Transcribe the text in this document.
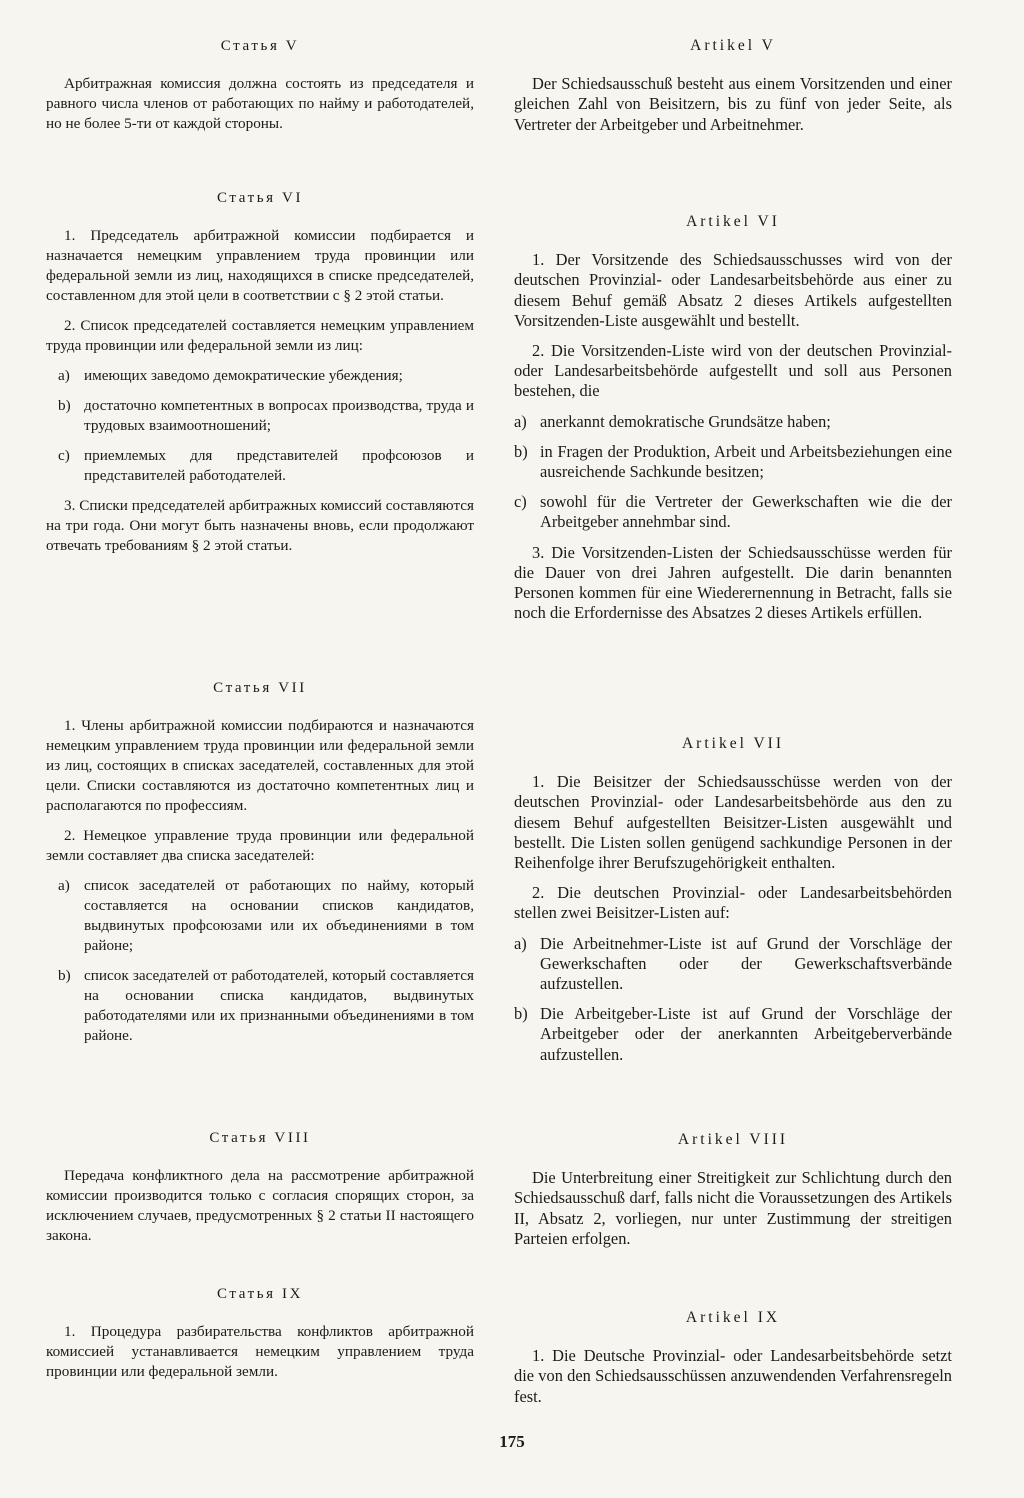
Статья V

Арбитражная комиссия должна состоять из председателя и равного числа членов от работающих по найму и работодателей, но не более 5-ти от каждой стороны.

Статья VI

1. Председатель арбитражной комиссии подбирается и назначается немецким управлением труда провинции или федеральной земли из лиц, находящихся в списке председателей, составленном для этой цели в соответствии с § 2 этой статьи.

2. Список председателей составляется немецким управлением труда провинции или федеральной земли из лиц:

a) имеющих заведомо демократические убеждения;
b) достаточно компетентных в вопросах производства, труда и трудовых взаимоотношений;
c) приемлемых для представителей профсоюзов и представителей работодателей.

3. Списки председателей арбитражных комиссий составляются на три года. Они могут быть назначены вновь, если продолжают отвечать требованиям § 2 этой статьи.

Статья VII

1. Члены арбитражной комиссии подбираются и назначаются немецким управлением труда провинции или федеральной земли из лиц, состоящих в списках заседателей, составленных для этой цели. Списки составляются из достаточно компетентных лиц и располагаются по профессиям.

2. Немецкое управление труда провинции или федеральной земли составляет два списка заседателей:

a) список заседателей от работающих по найму, который составляется на основании списков кандидатов, выдвинутых профсоюзами или их объединениями в том районе;
b) список заседателей от работодателей, который составляется на основании списка кандидатов, выдвинутых работодателями или их признанными объединениями в том районе.
Статья VIII

Передача конфликтного дела на рассмотрение арбитражной комиссии производится только с согласия спорящих сторон, за исключением случаев, предусмотренных § 2 статьи II настоящего закона.

Статья IX

1. Процедура разбирательства конфликтов арбитражной комиссией устанавливается немецким управлением труда провинции или федеральной земли.

Artikel V

Der Schiedsausschuß besteht aus einem Vorsitzenden und einer gleichen Zahl von Beisitzern, bis zu fünf von jeder Seite, als Vertreter der Arbeitgeber und Arbeitnehmer.

Artikel VI

1. Der Vorsitzende des Schiedsausschusses wird von der deutschen Provinzial- oder Landesarbeitsbehörde aus einer zu diesem Behuf gemäß Absatz 2 dieses Artikels aufgestellten Vorsitzenden-Liste ausgewählt und bestellt.

2. Die Vorsitzenden-Liste wird von der deutschen Provinzial- oder Landesarbeitsbehörde aufgestellt und soll aus Personen bestehen, die

a) anerkannt demokratische Grundsätze haben;
b) in Fragen der Produktion, Arbeit und Arbeitsbeziehungen eine ausreichende Sachkunde besitzen;
c) sowohl für die Vertreter der Gewerkschaften wie die der Arbeitgeber annehmbar sind.

3. Die Vorsitzenden-Listen der Schiedsausschüsse werden für die Dauer von drei Jahren aufgestellt. Die darin benannten Personen kommen für eine Wiederernennung in Betracht, falls sie noch die Erfordernisse des Absatzes 2 dieses Artikels erfüllen.

Artikel VII

1. Die Beisitzer der Schiedsausschüsse werden von der deutschen Provinzial- oder Landesarbeitsbehörde aus den zu diesem Behuf aufgestellten Beisitzer-Listen ausgewählt und bestellt. Die Listen sollen genügend sachkundige Personen in der Reihenfolge ihrer Berufszugehörigkeit enthalten.

2. Die deutschen Provinzial- oder Landesarbeitsbehörden stellen zwei Beisitzer-Listen auf:

a) Die Arbeitnehmer-Liste ist auf Grund der Vorschläge der Gewerkschaften oder der Gewerkschaftsverbände aufzustellen.
b) Die Arbeitgeber-Liste ist auf Grund der Vorschläge der Arbeitgeber oder der anerkannten Arbeitgeberverbände aufzustellen.
Artikel VIII

Die Unterbreitung einer Streitigkeit zur Schlichtung durch den Schiedsausschuß darf, falls nicht die Voraussetzungen des Artikels II, Absatz 2, vorliegen, nur unter Zustimmung der streitigen Parteien erfolgen.

Artikel IX

1. Die Deutsche Provinzial- oder Landesarbeitsbehörde setzt die von den Schiedsausschüssen anzuwendenden Verfahrensregeln fest.

175
